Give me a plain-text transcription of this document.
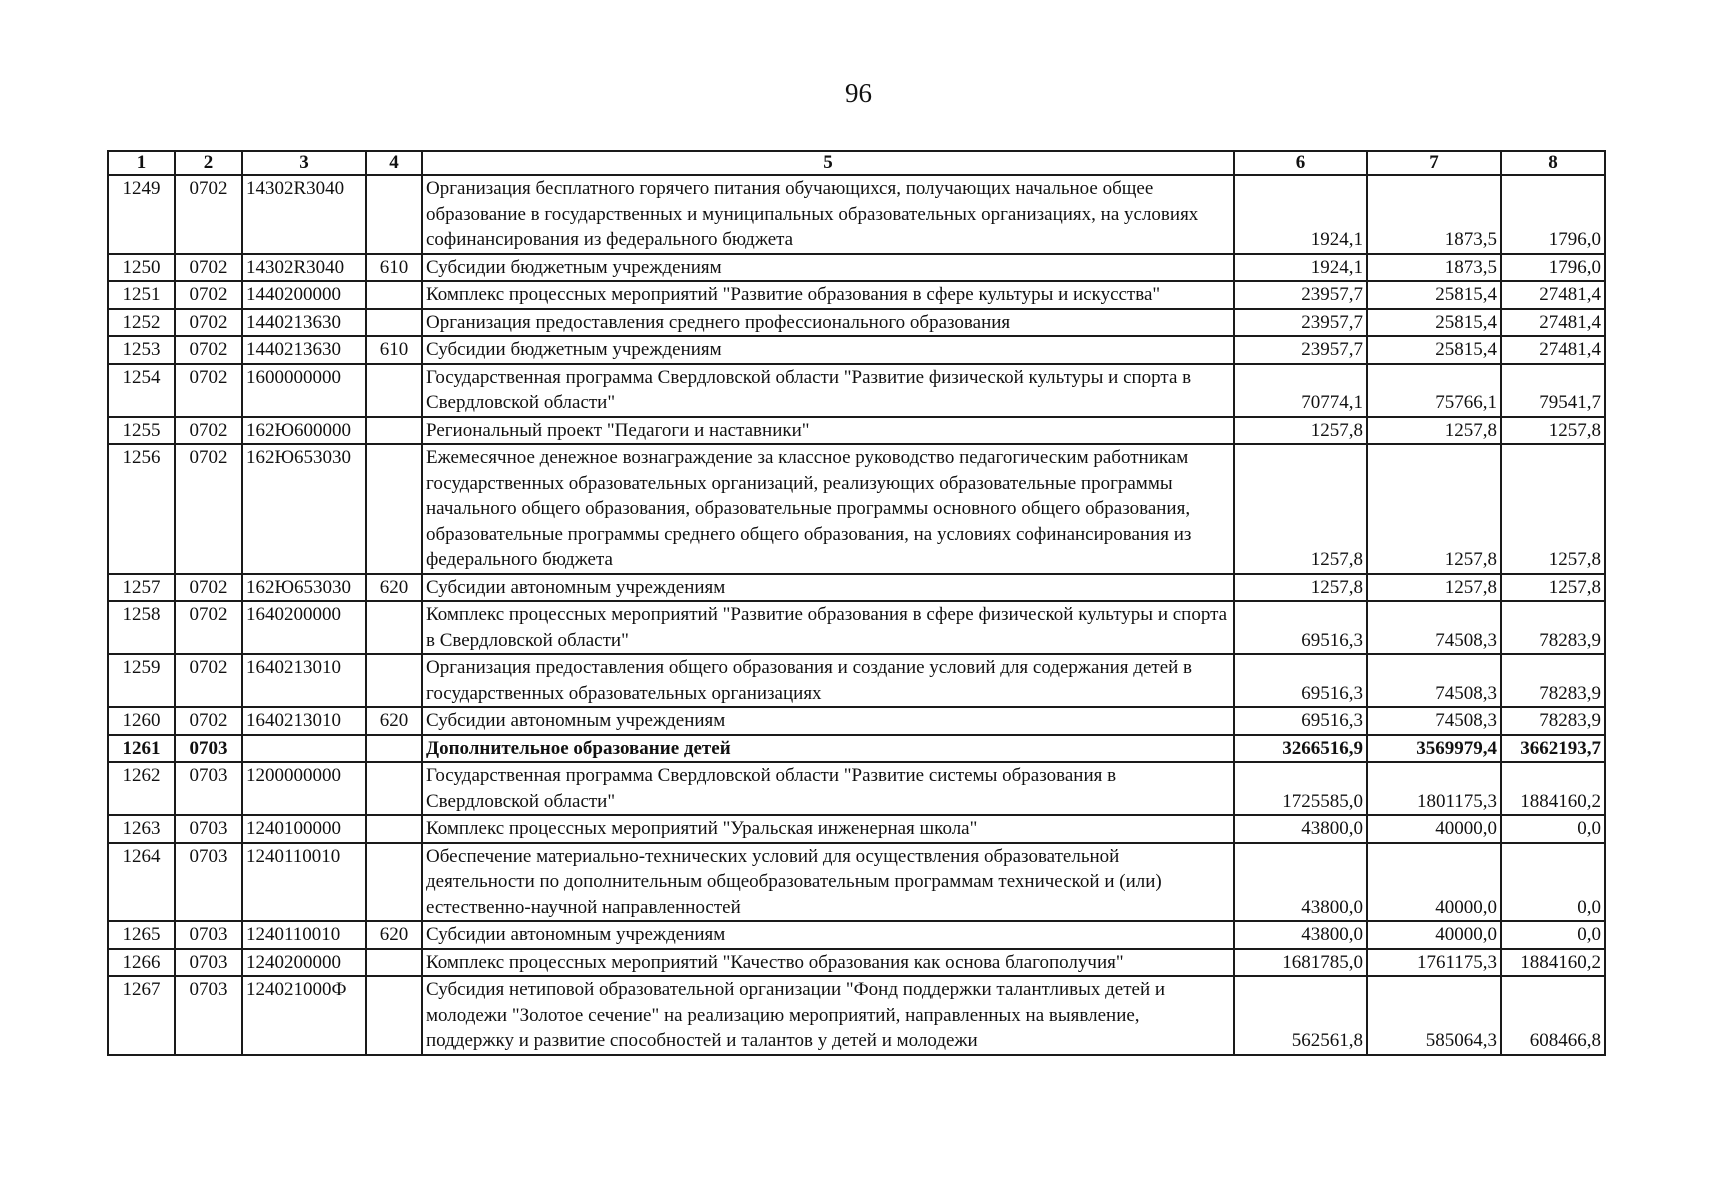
96
1	2	3	4	5	6	7	8
1249	0702	14302R3040		Организация бесплатного горячего питания обучающихся, получающих начальное общее образование в государственных и муниципальных образовательных организациях, на условиях софинансирования из федерального бюджета	1924,1	1873,5	1796,0
1250	0702	14302R3040	610	Субсидии бюджетным учреждениям	1924,1	1873,5	1796,0
1251	0702	1440200000		Комплекс процессных мероприятий "Развитие образования в сфере культуры и искусства"	23957,7	25815,4	27481,4
1252	0702	1440213630		Организация предоставления среднего профессионального образования	23957,7	25815,4	27481,4
1253	0702	1440213630	610	Субсидии бюджетным учреждениям	23957,7	25815,4	27481,4
1254	0702	1600000000		Государственная программа Свердловской области "Развитие физической культуры и спорта в Свердловской области"	70774,1	75766,1	79541,7
1255	0702	162Ю600000		Региональный проект "Педагоги и наставники"	1257,8	1257,8	1257,8
1256	0702	162Ю653030		Ежемесячное денежное вознаграждение за классное руководство педагогическим работникам государственных образовательных организаций, реализующих образовательные программы начального общего образования, образовательные программы основного общего образования, образовательные программы среднего общего образования, на условиях софинансирования из федерального бюджета	1257,8	1257,8	1257,8
1257	0702	162Ю653030	620	Субсидии автономным учреждениям	1257,8	1257,8	1257,8
1258	0702	1640200000		Комплекс процессных мероприятий "Развитие образования в сфере физической культуры и спорта в Свердловской области"	69516,3	74508,3	78283,9
1259	0702	1640213010		Организация предоставления общего образования и создание условий для содержания детей в государственных образовательных организациях	69516,3	74508,3	78283,9
1260	0702	1640213010	620	Субсидии автономным учреждениям	69516,3	74508,3	78283,9
1261	0703			Дополнительное образование детей	3266516,9	3569979,4	3662193,7
1262	0703	1200000000		Государственная программа Свердловской области "Развитие системы образования в Свердловской области"	1725585,0	1801175,3	1884160,2
1263	0703	1240100000		Комплекс процессных мероприятий "Уральская инженерная школа"	43800,0	40000,0	0,0
1264	0703	1240110010		Обеспечение материально-технических условий для осуществления образовательной деятельности по дополнительным общеобразовательным программам технической и (или) естественно-научной направленностей	43800,0	40000,0	0,0
1265	0703	1240110010	620	Субсидии автономным учреждениям	43800,0	40000,0	0,0
1266	0703	1240200000		Комплекс процессных мероприятий "Качество образования как основа благополучия"	1681785,0	1761175,3	1884160,2
1267	0703	124021000Ф		Субсидия нетиповой образовательной организации "Фонд поддержки талантливых детей и молодежи "Золотое сечение" на реализацию мероприятий, направленных на выявление, поддержку и развитие способностей и талантов у детей и молодежи	562561,8	585064,3	608466,8
